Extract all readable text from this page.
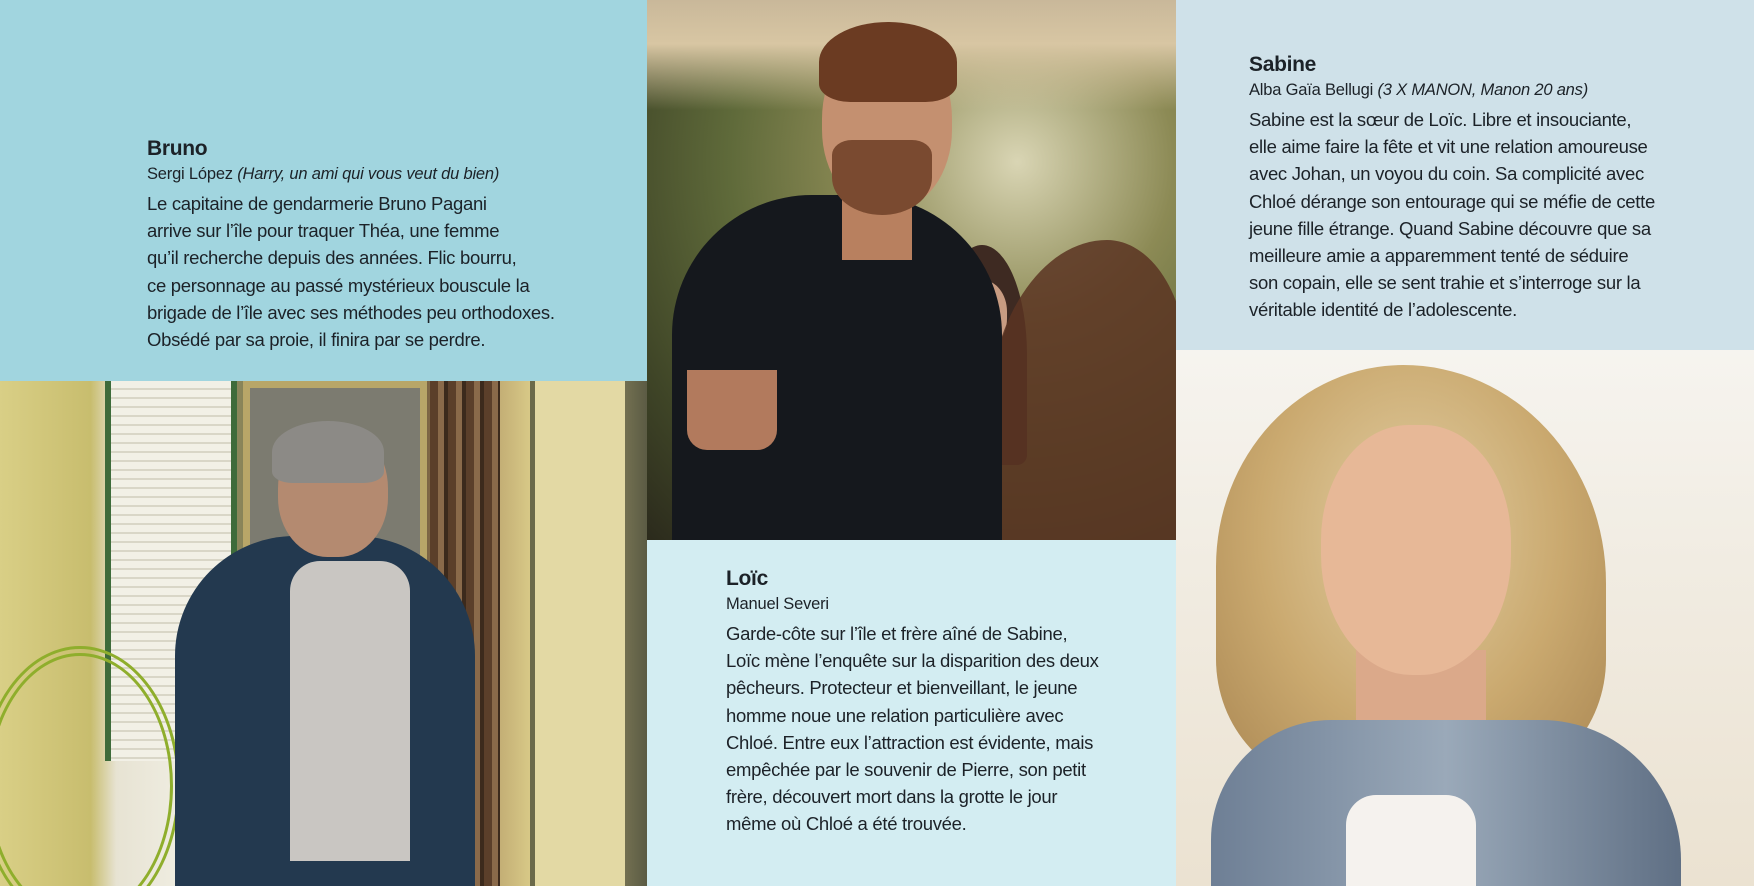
Bruno
Sergi López (Harry, un ami qui vous veut du bien)
Le capitaine de gendarmerie Bruno Pagani
arrive sur l’île pour traquer Théa, une femme
qu’il recherche depuis des années. Flic bourru,
ce personnage au passé mystérieux bouscule la
brigade de l’île avec ses méthodes peu orthodoxes.
Obsédé par sa proie, il finira par se perdre.
Loïc
Manuel Severi
Garde-côte sur l’île et frère aîné de Sabine,
Loïc mène l’enquête sur la disparition des deux
pêcheurs. Protecteur et bienveillant, le jeune
homme noue une relation particulière avec
Chloé. Entre eux l’attraction est évidente, mais
empêchée par le souvenir de Pierre, son petit
frère, découvert mort dans la grotte le jour
même où Chloé a été trouvée.
Sabine
Alba Gaïa Bellugi (3 X MANON, Manon 20 ans)
Sabine est la sœur de Loïc. Libre et insouciante,
elle aime faire la fête et vit une relation amoureuse
avec Johan, un voyou du coin. Sa complicité avec
Chloé dérange son entourage qui se méfie de cette
jeune fille étrange. Quand Sabine découvre que sa
meilleure amie a apparemment tenté de séduire
son copain, elle se sent trahie et s’interroge sur la
véritable identité de l’adolescente.
